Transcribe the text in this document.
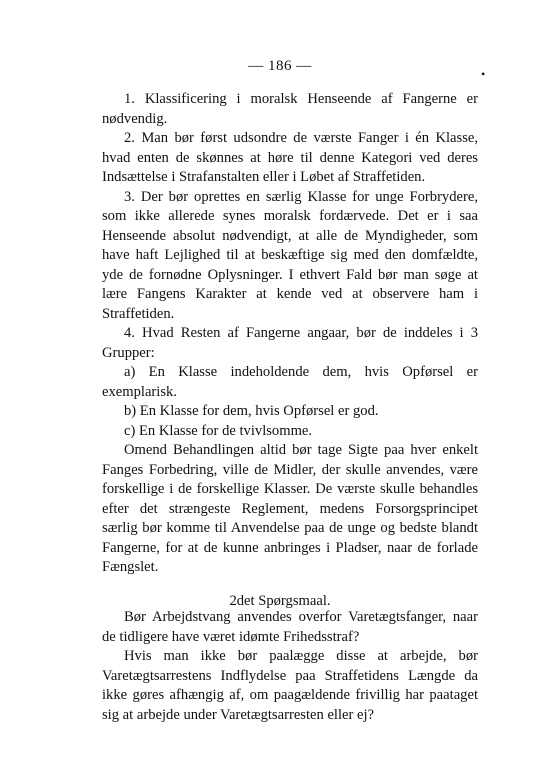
— 186 —	•

1. Klassificering i moralsk Henseende af Fangerne er nødvendig.

2. Man bør først udsondre de værste Fanger i én Klasse, hvad enten de skønnes at høre til denne Kategori ved deres Indsættelse i Strafanstalten eller i Løbet af Straffetiden.

3. Der bør oprettes en særlig Klasse for unge Forbrydere, som ikke allerede synes moralsk fordærvede. Det er i saa Henseende absolut nødvendigt, at alle de Myndigheder, som have haft Lejlighed til at beskæftige sig med den domfældte, yde de fornødne Oplysninger. I ethvert Fald bør man søge at lære Fangens Karakter at kende ved at observere ham i Straffetiden.

4. Hvad Resten af Fangerne angaar, bør de inddeles i 3 Grupper:

a) En Klasse indeholdende dem, hvis Opførsel er exemplarisk.

b) En Klasse for dem, hvis Opførsel er god.

c) En Klasse for de tvivlsomme.

Omend Behandlingen altid bør tage Sigte paa hver enkelt Fanges Forbedring, ville de Midler, der skulle anvendes, være forskellige i de forskellige Klasser. De værste skulle behandles efter det strængeste Reglement, medens Forsorgsprincipet særlig bør komme til Anvendelse paa de unge og bedste blandt Fangerne, for at de kunne anbringes i Pladser, naar de forlade Fængslet.

2det Spørgsmaal.

Bør Arbejdstvang anvendes overfor Varetægtsfanger, naar de tidligere have været idømte Frihedsstraf?

Hvis man ikke bør paalægge disse at arbejde, bør Varetægtsarrestens Indflydelse paa Straffetidens Længde da ikke gøres afhængig af, om paagældende frivillig har paataget sig at arbejde under Varetægtsarresten eller ej?
